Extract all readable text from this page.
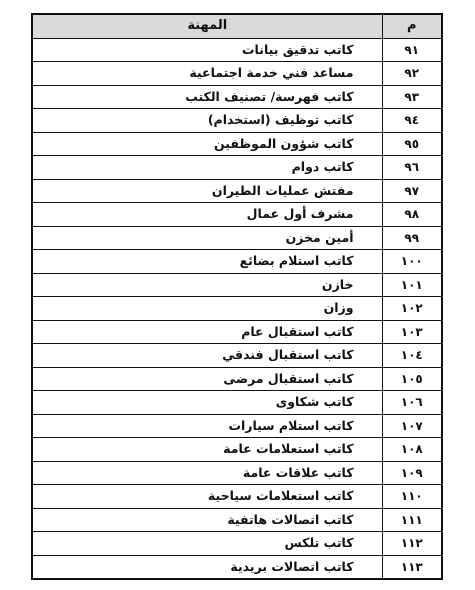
م	المهنة
٩١	كاتب تدقيق بيانات
٩٢	مساعد فني خدمة اجتماعية
٩٣	كاتب فهرسة/ تصنيف الكتب
٩٤	كاتب توظيف (استخدام)
٩٥	كاتب شؤون الموظفين
٩٦	كاتب دوام
٩٧	مفتش عمليات الطيران
٩٨	مشرف أول عمال
٩٩	أمين مخزن
١٠٠	كاتب استلام بضائع
١٠١	خازن
١٠٢	وزان
١٠٣	كاتب استقبال عام
١٠٤	كاتب استقبال فندقي
١٠٥	كاتب استقبال مرضى
١٠٦	كاتب شكاوى
١٠٧	كاتب استلام سيارات
١٠٨	كاتب استعلامات عامة
١٠٩	كاتب علاقات عامة
١١٠	كاتب استعلامات سياحية
١١١	كاتب اتصالات هاتفية
١١٢	كاتب تلكس
١١٣	كاتب اتصالات بريدية
